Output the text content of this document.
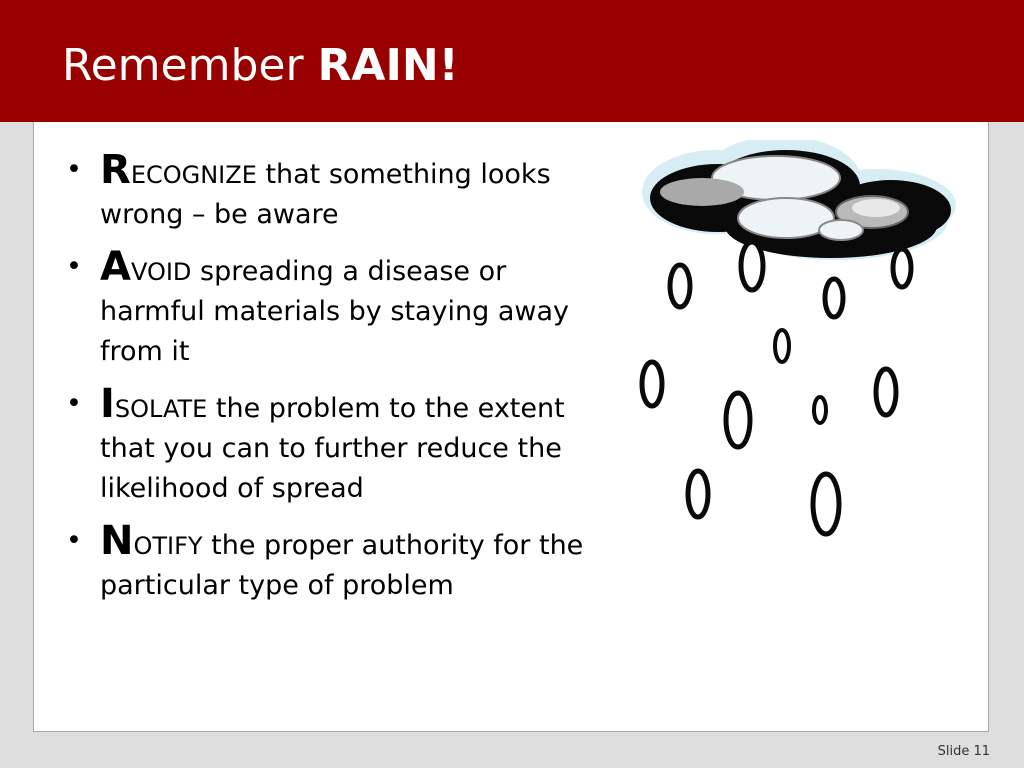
Remember RAIN!
• RECOGNIZE that something looks wrong – be aware
• AVOID spreading a disease or harmful materials by staying away from it
• ISOLATE the problem to the extent that you can to further reduce the likelihood of spread
• NOTIFY the proper authority for the particular type of problem
Slide 11
